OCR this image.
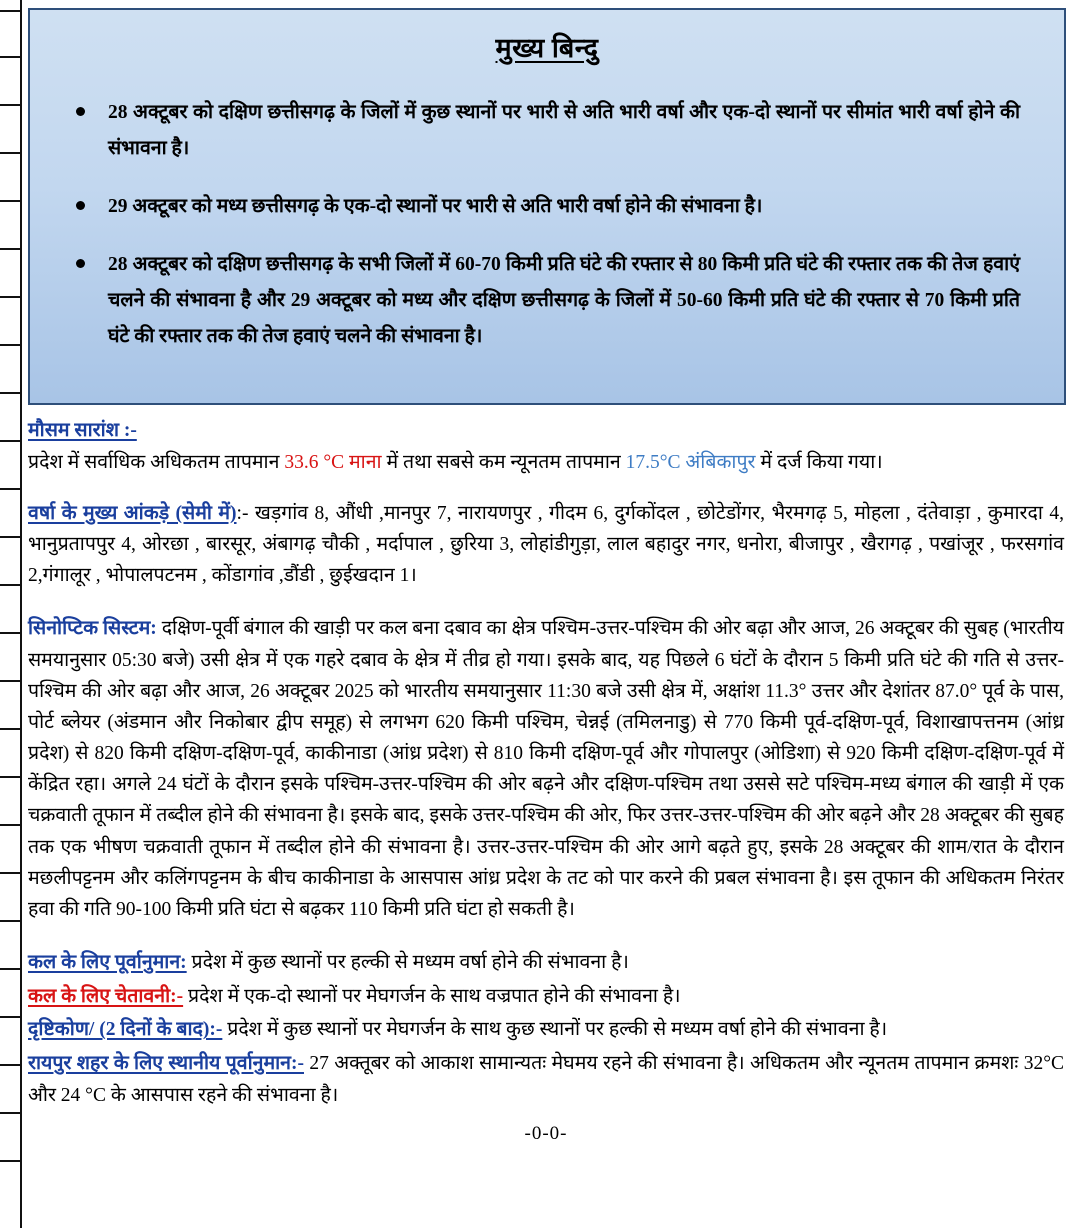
मुख्य बिन्दु
28 अक्टूबर को दक्षिण छत्तीसगढ़ के जिलों में कुछ स्थानों पर भारी से अति भारी वर्षा और एक-दो स्थानों पर सीमांत भारी वर्षा होने की संभावना है।
29 अक्टूबर को मध्य छत्तीसगढ़ के एक-दो स्थानों पर भारी से अति भारी वर्षा होने की संभावना है।
28 अक्टूबर को दक्षिण छत्तीसगढ़ के सभी जिलों में 60-70 किमी प्रति घंटे की रफ्तार से 80 किमी प्रति घंटे की रफ्तार तक की तेज हवाएं चलने की संभावना है और 29 अक्टूबर को मध्य और दक्षिण छत्तीसगढ़ के जिलों में 50-60 किमी प्रति घंटे की रफ्तार से 70 किमी प्रति घंटे की रफ्तार तक की तेज हवाएं चलने की संभावना है।
मौसम सारांश :-
प्रदेश में सर्वाधिक अधिकतम तापमान 33.6 °C माना में तथा सबसे कम न्यूनतम तापमान 17.5°C अंबिकापुर में दर्ज किया गया।
वर्षा के मुख्य आंकड़े (सेमी में):- खड़गांव 8, औंधी ,मानपुर 7, नारायणपुर , गीदम 6, दुर्गकोंदल , छोटेडोंगर, भैरमगढ़ 5, मोहला , दंतेवाड़ा , कुमारदा 4, भानुप्रतापपुर 4, ओरछा , बारसूर, अंबागढ़ चौकी , मर्दापाल , छुरिया 3, लोहांडीगुड़ा, लाल बहादुर नगर, धनोरा, बीजापुर , खैरागढ़ , पखांजूर , फरसगांव 2,गंगालूर , भोपालपटनम , कोंडागांव ,डौंडी , छुईखदान 1।
सिनोप्टिक सिस्टम: दक्षिण-पूर्वी बंगाल की खाड़ी पर कल बना दबाव का क्षेत्र पश्चिम-उत्तर-पश्चिम की ओर बढ़ा और आज, 26 अक्टूबर की सुबह (भारतीय समयानुसार 05:30 बजे) उसी क्षेत्र में एक गहरे दबाव के क्षेत्र में तीव्र हो गया। इसके बाद, यह पिछले 6 घंटों के दौरान 5 किमी प्रति घंटे की गति से उत्तर-पश्चिम की ओर बढ़ा और आज, 26 अक्टूबर 2025 को भारतीय समयानुसार 11:30 बजे उसी क्षेत्र में, अक्षांश 11.3° उत्तर और देशांतर 87.0° पूर्व के पास, पोर्ट ब्लेयर (अंडमान और निकोबार द्वीप समूह) से लगभग 620 किमी पश्चिम, चेन्नई (तमिलनाडु) से 770 किमी पूर्व-दक्षिण-पूर्व, विशाखापत्तनम (आंध्र प्रदेश) से 820 किमी दक्षिण-दक्षिण-पूर्व, काकीनाडा (आंध्र प्रदेश) से 810 किमी दक्षिण-पूर्व और गोपालपुर (ओडिशा) से 920 किमी दक्षिण-दक्षिण-पूर्व में केंद्रित रहा। अगले 24 घंटों के दौरान इसके पश्चिम-उत्तर-पश्चिम की ओर बढ़ने और दक्षिण-पश्चिम तथा उससे सटे पश्चिम-मध्य बंगाल की खाड़ी में एक चक्रवाती तूफान में तब्दील होने की संभावना है। इसके बाद, इसके उत्तर-पश्चिम की ओर, फिर उत्तर-उत्तर-पश्चिम की ओर बढ़ने और 28 अक्टूबर की सुबह तक एक भीषण चक्रवाती तूफान में तब्दील होने की संभावना है। उत्तर-उत्तर-पश्चिम की ओर आगे बढ़ते हुए, इसके 28 अक्टूबर की शाम/रात के दौरान मछलीपट्टनम और कलिंगपट्टनम के बीच काकीनाडा के आसपास आंध्र प्रदेश के तट को पार करने की प्रबल संभावना है। इस तूफान की अधिकतम निरंतर हवा की गति 90-100 किमी प्रति घंटा से बढ़कर 110 किमी प्रति घंटा हो सकती है।
कल के लिए पूर्वानुमान: प्रदेश में कुछ स्थानों पर हल्की से मध्यम वर्षा होने की संभावना है।
कल के लिए चेतावनी:- प्रदेश में एक-दो स्थानों पर मेघगर्जन के साथ वज्रपात होने की संभावना है।
दृष्टिकोण/ (2 दिनों के बाद):- प्रदेश में कुछ स्थानों पर मेघगर्जन के साथ कुछ स्थानों पर हल्की से मध्यम वर्षा होने की संभावना है।
रायपुर शहर के लिए स्थानीय पूर्वानुमान:- 27 अक्तूबर को आकाश सामान्यतः मेघमय रहने की संभावना है। अधिकतम और न्यूनतम तापमान क्रमशः 32°C और 24 °C के आसपास रहने की संभावना है।
-0-0-
